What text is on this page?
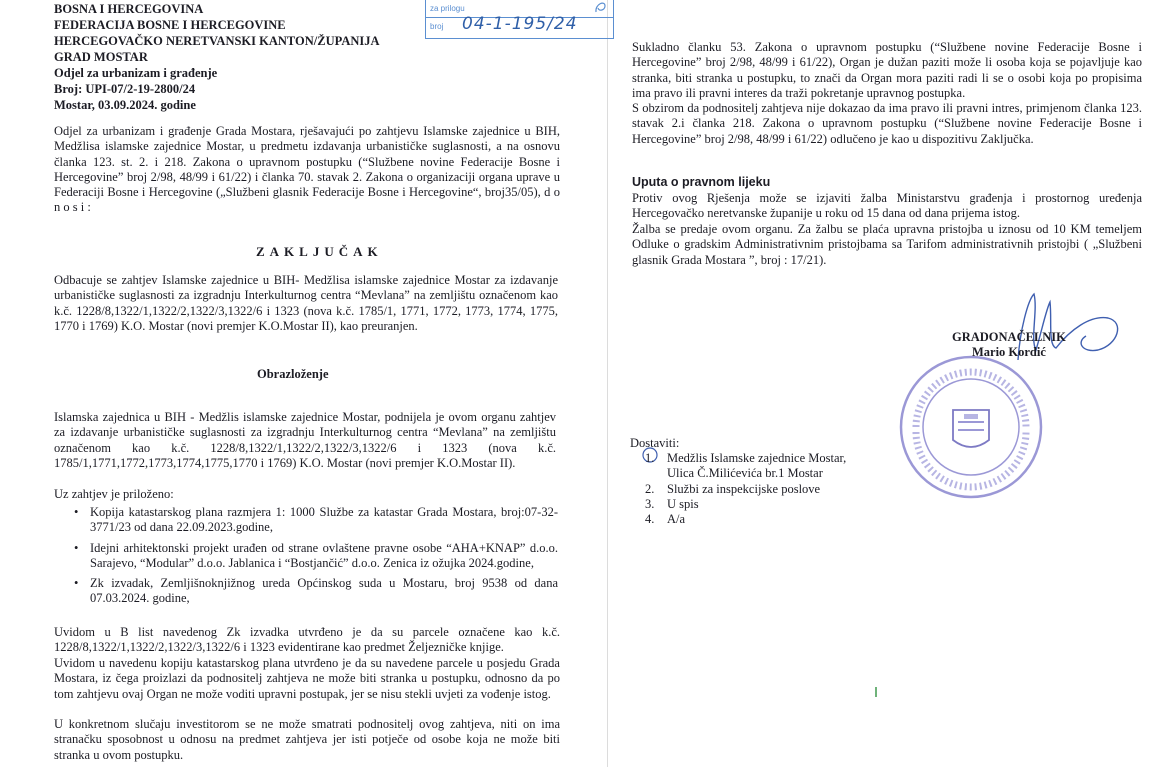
BOSNA I HERCEGOVINA
FEDERACIJA BOSNE I HERCEGOVINE
HERCEGOVAČKO NERETVANSKI KANTON/ŽUPANIJA
GRAD MOSTAR
Odjel za urbanizam i građenje
Broj: UPI-07/2-19-2800/24
Mostar, 03.09.2024. godine
za prilogu
broj 04-1-195/24

Odjel za urbanizam i građenje Grada Mostara, rješavajući po zahtjevu Islamske zajednice u BIH, Medžlisa islamske zajednice Mostar, u predmetu izdavanja urbanističke suglasnosti, a na osnovu članka 123. st. 2. i 218. Zakona o upravnom postupku (“Službene novine Federacije Bosne i Hercegovine” broj 2/98, 48/99 i 61/22) i članka 70. stavak 2. Zakona o organizaciji organa uprave u Federaciji Bosne i Hercegovine („Službeni glasnik Federacije Bosne i Hercegovine“, broj35/05), d o n o s i :

ZAKLJUČAK

Odbacuje se zahtjev Islamske zajednice u BIH- Medžlisa islamske zajednice Mostar za izdavanje urbanističke suglasnosti za izgradnju Interkulturnog centra “Mevlana” na zemljištu označenom kao k.č. 1228/8,1322/1,1322/2,1322/3,1322/6 i 1323 (nova k.č. 1785/1, 1771, 1772, 1773, 1774, 1775, 1770 i 1769) K.O. Mostar (novi premjer K.O.Mostar II), kao preuranjen.

Obrazloženje

Islamska zajednica u BIH - Medžlis islamske zajednice Mostar, podnijela je ovom organu zahtjev za izdavanje urbanističke suglasnosti za izgradnju Interkulturnog centra “Mevlana” na zemljištu označenom kao k.č. 1228/8,1322/1,1322/2,1322/3,1322/6 i 1323 (nova k.č. 1785/1,1771,1772,1773,1774,1775,1770 i 1769) K.O. Mostar (novi premjer K.O.Mostar II).

Uz zahtjev je priloženo:

• Kopija katastarskog plana razmjera 1: 1000 Službe za katastar Grada Mostara, broj:07-32-3771/23 od dana 22.09.2023.godine,
• Idejni arhitektonski projekt urađen od strane ovlaštene pravne osobe “AHA+KNAP” d.o.o. Sarajevo, “Modular” d.o.o. Jablanica i “Bostjančić” d.o.o. Zenica iz ožujka 2024.godine,
• Zk izvadak, Zemljišnoknjižnog ureda Općinskog suda u Mostaru, broj 9538 od dana 07.03.2024. godine,

Uvidom u B list navedenog Zk izvadka utvrđeno je da su parcele označene kao k.č. 1228/8,1322/1,1322/2,1322/3,1322/6 i 1323 evidentirane kao predmet Željezničke knjige.

Uvidom u navedenu kopiju katastarskog plana utvrđeno je da su navedene parcele u posjedu Grada Mostara, iz čega proizlazi da podnositelj zahtjeva ne može biti stranka u postupku, odnosno da po tom zahtjevu ovaj Organ ne može voditi upravni postupak, jer se nisu stekli uvjeti za vođenje istog.

U konkretnom slučaju investitorom se ne može smatrati podnositelj ovog zahtjeva, niti on ima stranačku sposobnost u odnosu na predmet zahtjeva jer isti potječe od osobe koja ne može biti stranka u ovom postupku.

Sukladno članku 53. Zakona o upravnom postupku (“Službene novine Federacije Bosne i Hercegovine” broj 2/98, 48/99 i 61/22), Organ je dužan paziti može li osoba koja se pojavljuje kao stranka, biti stranka u postupku, to znači da Organ mora paziti radi li se o osobi koja po propisima ima pravo ili pravni interes da traži pokretanje upravnog postupka.

S obzirom da podnositelj zahtjeva nije dokazao da ima pravo ili pravni intres, primjenom članka 123. stavak 2.i članka 218. Zakona o upravnom postupku (“Službene novine Federacije Bosne i Hercegovine” broj 2/98, 48/99 i 61/22) odlučeno je kao u dispozitivu Zaključka.

Uputa o pravnom lijeku

Protiv ovog Rješenja može se izjaviti žalba Ministarstvu građenja i prostornog uređenja Hercegovačko neretvanske županije u roku od 15 dana od dana prijema istog.

Žalba se predaje ovom organu. Za žalbu se plaća upravna pristojba u iznosu od 10 KM temeljem Odluke o gradskim Administrativnim pristojbama sa Tarifom administrativnih pristojbi ( „Službeni glasnik Grada Mostara ”, broj : 17/21).

GRADONAČELNIK
Mario Kordić
Dostaviti:
1. Medžlis Islamske zajednice Mostar,
Ulica Č.Milićevića br.1 Mostar
2. Službi za inspekcijske poslove
3. U spis
4. A/a
